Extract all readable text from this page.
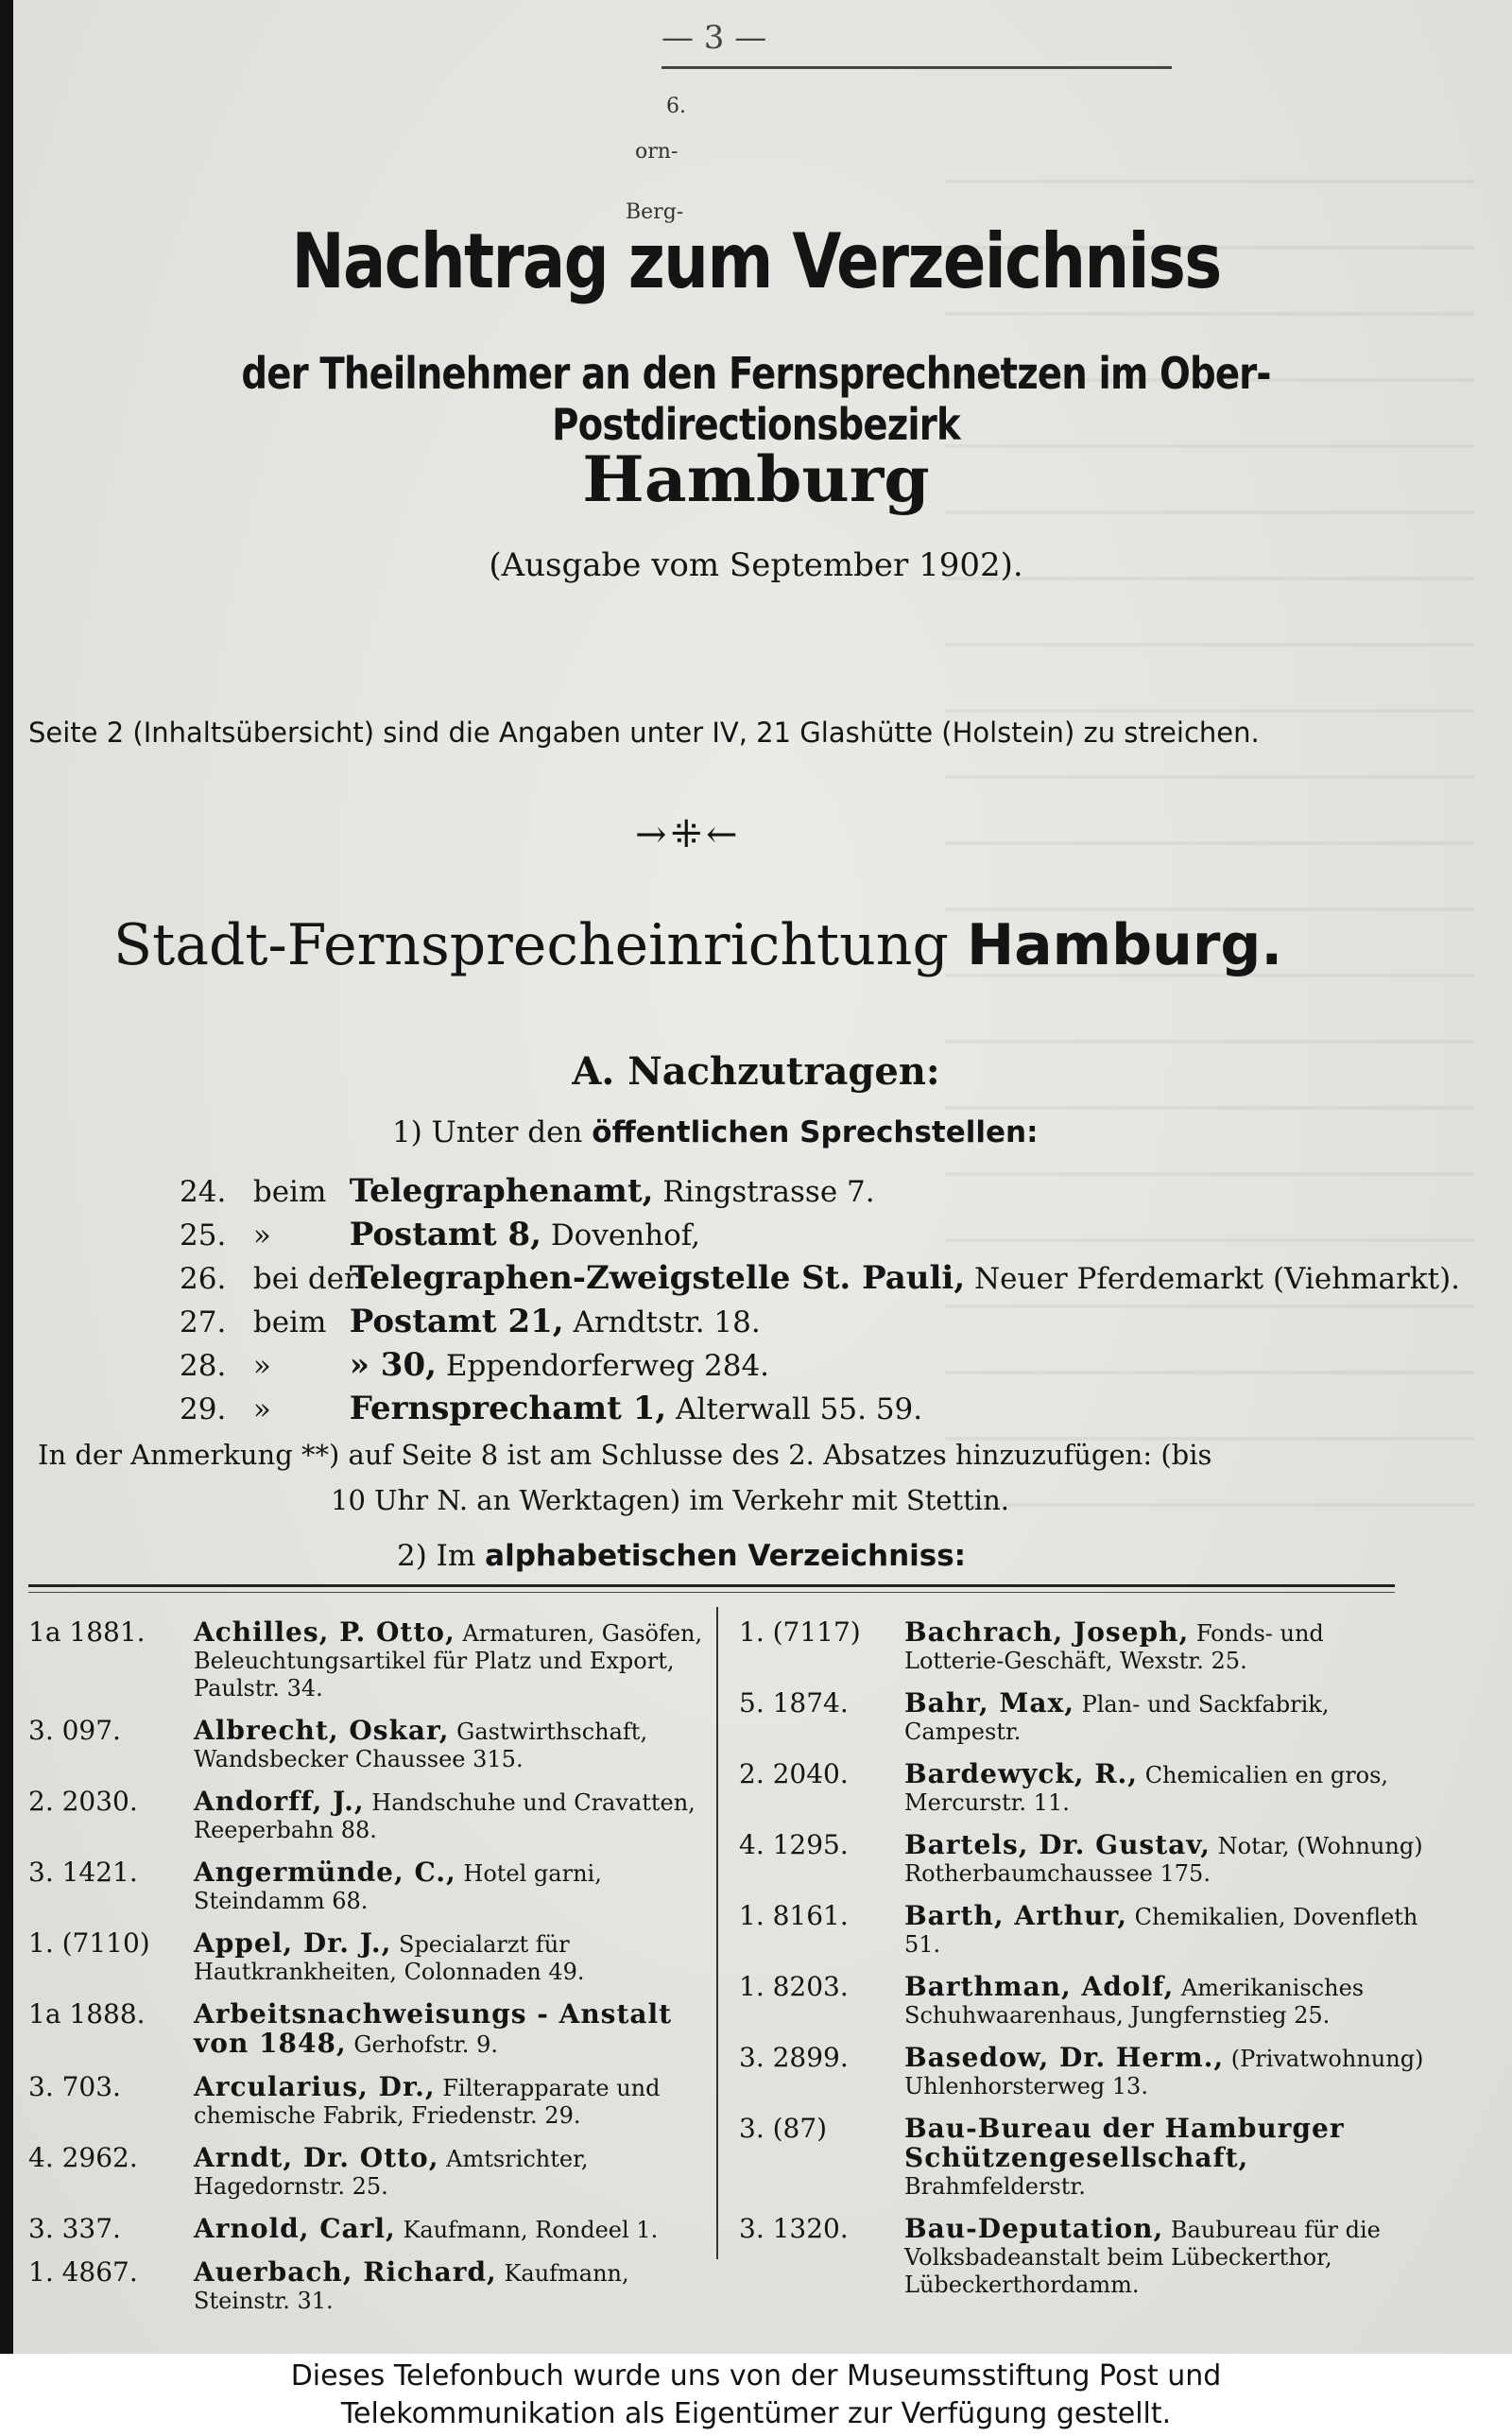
— 3 —
6.
orn-
Berg-
Nachtrag zum Verzeichniss
der Theilnehmer an den Fernsprechnetzen im Ober-Postdirectionsbezirk
Hamburg
(Ausgabe vom September 1902).
Seite 2 (Inhaltsübersicht) sind die Angaben unter IV, 21 Glashütte (Holstein) zu streichen.
→⁜←
Stadt-Fernsprecheinrichtung Hamburg.
A. Nachzutragen:
1) Unter den öffentlichen Sprechstellen:
24. beim Telegraphenamt, Ringstrasse 7.
25. » Postamt 8, Dovenhof,
26. bei der Telegraphen-Zweigstelle St. Pauli, Neuer Pferdemarkt (Viehmarkt).
27. beim Postamt 21, Arndtstr. 18.
28. » » 30, Eppendorferweg 284.
29. » Fernsprechamt 1, Alterwall 55. 59.
In der Anmerkung **) auf Seite 8 ist am Schlusse des 2. Absatzes hinzuzufügen: (bis
10 Uhr N. an Werktagen) im Verkehr mit Stettin.
2) Im alphabetischen Verzeichniss:
1a 1881.	Achilles, P. Otto, Armaturen, Gasöfen, Beleuchtungsartikel für Platz und Export, Paulstr. 34.
3. 097.	Albrecht, Oskar, Gastwirthschaft, Wandsbecker Chaussee 315.
2. 2030.	Andorff, J., Handschuhe und Cravatten, Reeperbahn 88.
3. 1421.	Angermünde, C., Hotel garni, Steindamm 68.
1. (7110)	Appel, Dr. J., Specialarzt für Hautkrankheiten, Colonnaden 49.
1a 1888.	Arbeitsnachweisungs - Anstalt von 1848, Gerhofstr. 9.
3. 703.	Arcularius, Dr., Filterapparate und chemische Fabrik, Friedenstr. 29.
4. 2962.	Arndt, Dr. Otto, Amtsrichter, Hagedornstr. 25.
3. 337.	Arnold, Carl, Kaufmann, Rondeel 1.
1. 4867.	Auerbach, Richard, Kaufmann, Steinstr. 31.
1. (7117)	Bachrach, Joseph, Fonds- und Lotterie-Geschäft, Wexstr. 25.
5. 1874.	Bahr, Max, Plan- und Sackfabrik, Campestr.
2. 2040.	Bardewyck, R., Chemicalien en gros, Mercurstr. 11.
4. 1295.	Bartels, Dr. Gustav, Notar, (Wohnung) Rotherbaumchaussee 175.
1. 8161.	Barth, Arthur, Chemikalien, Dovenfleth 51.
1. 8203.	Barthman, Adolf, Amerikanisches Schuhwaarenhaus, Jungfernstieg 25.
3. 2899.	Basedow, Dr. Herm., (Privatwohnung) Uhlenhorsterweg 13.
3. (87)	Bau-Bureau der Hamburger Schützengesellschaft, Brahmfelderstr.
3. 1320.	Bau-Deputation, Baubureau für die Volksbadeanstalt beim Lübeckerthor, Lübeckerthordamm.
Dieses Telefonbuch wurde uns von der Museumsstiftung Post und
Telekommunikation als Eigentümer zur Verfügung gestellt.
